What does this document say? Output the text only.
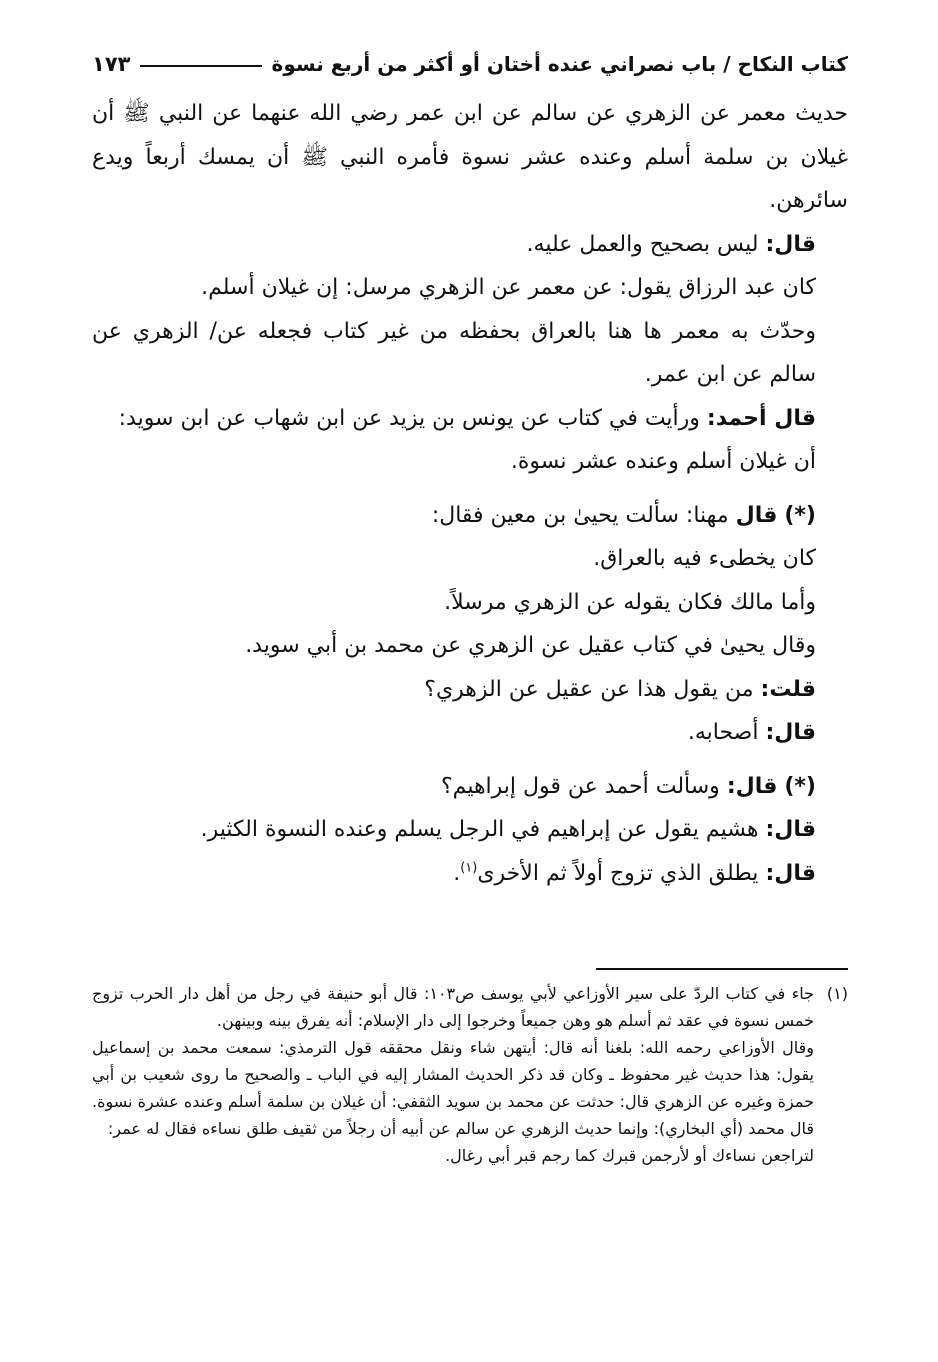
كتاب النكاح / باب نصراني عنده أختان أو أكثر من أربع نسوة
١٧٣

حديث معمر عن الزهري عن سالم عن ابن عمر رضي الله عنهما عن النبي ﷺ أن غيلان بن سلمة أسلم وعنده عشر نسوة فأمره النبي ﷺ أن يمسك أربعاً ويدع سائرهن.

قال: ليس بصحيح والعمل عليه.

كان عبد الرزاق يقول: عن معمر عن الزهري مرسل: إن غيلان أسلم.

وحدّث به معمر ها هنا بالعراق بحفظه من غير كتاب فجعله عن/ الزهري عن سالم عن ابن عمر.

قال أحمد: ورأيت في كتاب عن يونس بن يزيد عن ابن شهاب عن ابن سويد:

أن غيلان أسلم وعنده عشر نسوة.

(*) قال مهنا: سألت يحيىٰ بن معين فقال:

كان يخطىء فيه بالعراق.

وأما مالك فكان يقوله عن الزهري مرسلاً.

وقال يحيىٰ في كتاب عقيل عن الزهري عن محمد بن أبي سويد.

قلت: من يقول هذا عن عقيل عن الزهري؟

قال: أصحابه.

(*) قال: وسألت أحمد عن قول إبراهيم؟

قال: هشيم يقول عن إبراهيم في الرجل يسلم وعنده النسوة الكثير.

قال: يطلق الذي تزوج أولاً ثم الأخرى$^{(١)}$.

(١)

جاء في كتاب الردّ على سير الأوزاعي لأبي يوسف ص١٠٣: قال أبو حنيفة في رجل من أهل دار الحرب تزوج خمس نسوة في عقد ثم أسلم هو وهن جميعاً وخرجوا إلى دار الإسلام: أنه يفرق بينه وبينهن.

وقال الأوزاعي رحمه الله: بلغنا أنه قال: أيتهن شاء ونقل محققه قول الترمذي: سمعت محمد بن إسماعيل يقول: هذا حديث غير محفوظ ـ وكان قد ذكر الحديث المشار إليه في الباب ـ والصحيح ما روى شعيب بن أبي حمزة وغيره عن الزهري قال: حدثت عن محمد بن سويد الثقفي: أن غيلان بن سلمة أسلم وعنده عشرة نسوة. قال محمد (أي البخاري): وإنما حديث الزهري عن سالم عن أبيه أن رجلاً من ثقيف طلق نساءه فقال له عمر:

لتراجعن نساءك أو لأرجمن قبرك كما رجم قبر أبي رغال.
